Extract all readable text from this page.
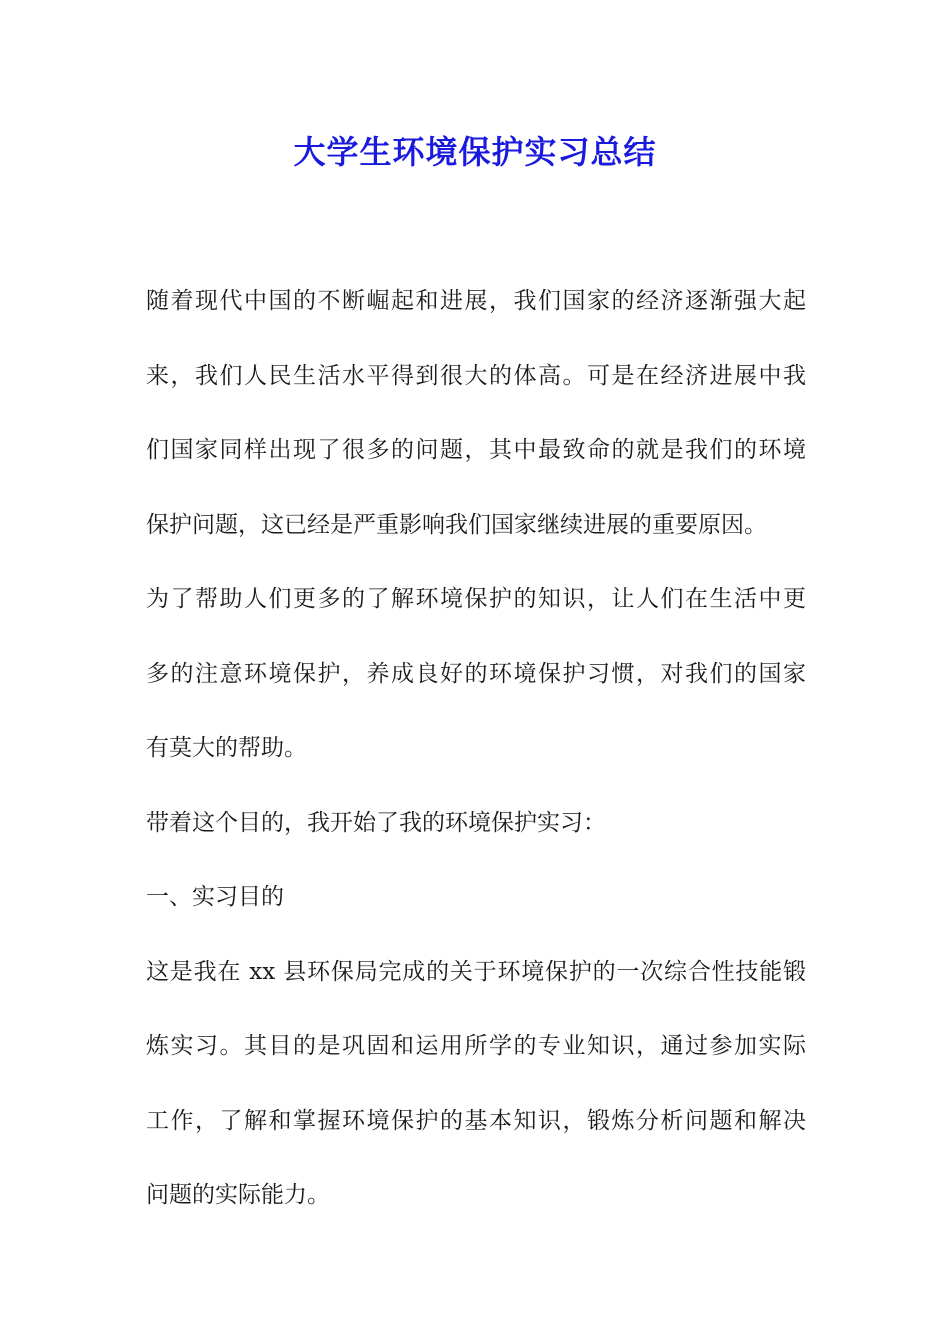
大学生环境保护实习总结
随着现代中国的不断崛起和进展，我们国家的经济逐渐强大起
来，我们人民生活水平得到很大的体高。可是在经济进展中我
们国家同样出现了很多的问题，其中最致命的就是我们的环境
保护问题，这已经是严重影响我们国家继续进展的重要原因。
为了帮助人们更多的了解环境保护的知识，让人们在生活中更
多的注意环境保护，养成良好的环境保护习惯，对我们的国家
有莫大的帮助。
带着这个目的，我开始了我的环境保护实习：
一、实习目的
这是我在 xx 县环保局完成的关于环境保护的一次综合性技能锻
炼实习。其目的是巩固和运用所学的专业知识，通过参加实际
工作，了解和掌握环境保护的基本知识，锻炼分析问题和解决
问题的实际能力。
